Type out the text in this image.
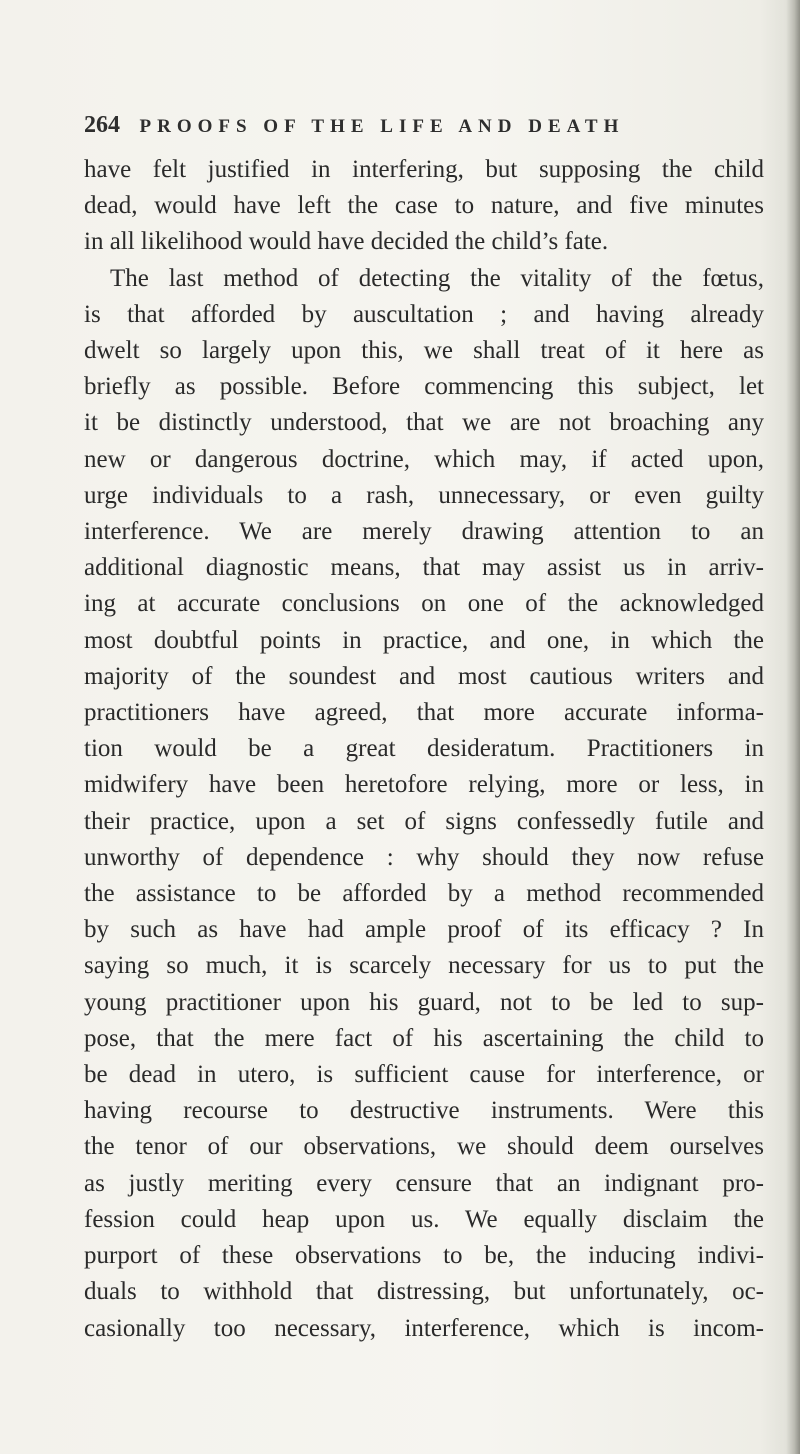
264 PROOFS OF THE LIFE AND DEATH
have felt justified in interfering, but supposing the child
dead, would have left the case to nature, and five minutes
in all likelihood would have decided the child’s fate.
The last method of detecting the vitality of the fœtus,
is that afforded by auscultation ; and having already
dwelt so largely upon this, we shall treat of it here as
briefly as possible. Before commencing this subject, let
it be distinctly understood, that we are not broaching any
new or dangerous doctrine, which may, if acted upon,
urge individuals to a rash, unnecessary, or even guilty
interference. We are merely drawing attention to an
additional diagnostic means, that may assist us in arriv-
ing at accurate conclusions on one of the acknowledged
most doubtful points in practice, and one, in which the
majority of the soundest and most cautious writers and
practitioners have agreed, that more accurate informa-
tion would be a great desideratum. Practitioners in
midwifery have been heretofore relying, more or less, in
their practice, upon a set of signs confessedly futile and
unworthy of dependence : why should they now refuse
the assistance to be afforded by a method recommended
by such as have had ample proof of its efficacy ? In
saying so much, it is scarcely necessary for us to put the
young practitioner upon his guard, not to be led to sup-
pose, that the mere fact of his ascertaining the child to
be dead in utero, is sufficient cause for interference, or
having recourse to destructive instruments. Were this
the tenor of our observations, we should deem ourselves
as justly meriting every censure that an indignant pro-
fession could heap upon us. We equally disclaim the
purport of these observations to be, the inducing indivi-
duals to withhold that distressing, but unfortunately, oc-
casionally too necessary, interference, which is incom-
